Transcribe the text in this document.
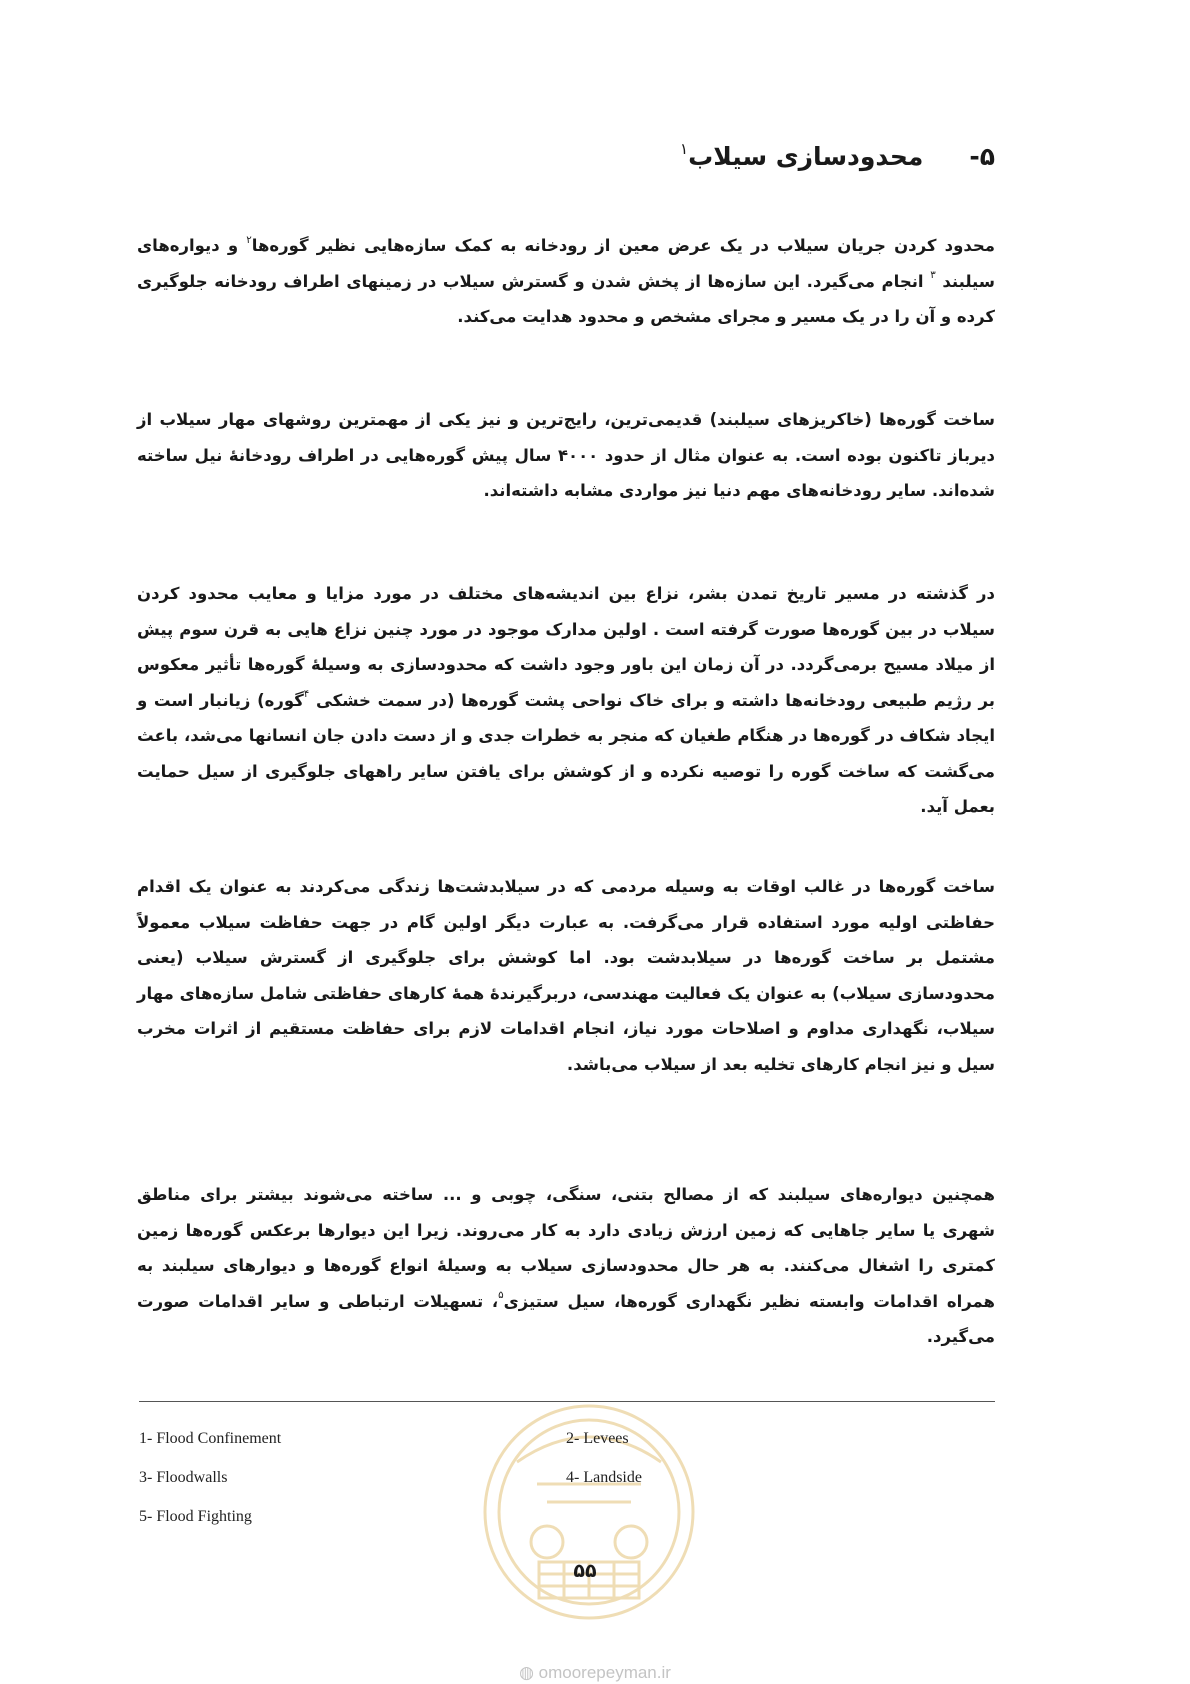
۵-محدودسازی سیلاب$^۱$
محدود کردن جریان سیلاب در یک عرض معین از رودخانه به کمک سازه‌هایی نظیر گوره‌ها$^۲$ و دیواره‌های سیلبند $^۳$ انجام می‌گیرد. این سازه‌ها از پخش شدن و گسترش سیلاب در زمینهای اطراف رودخانه جلوگیری کرده و آن را در یک مسیر و مجرای مشخص و محدود هدایت می‌کند.
ساخت گوره‌ها (خاکریزهای سیلبند) قدیمی‌ترین، رایج‌ترین و نیز یکی از مهمترین روشهای مهار سیلاب از دیرباز تاکنون بوده است. به عنوان مثال از حدود ۴۰۰۰ سال پیش گوره‌هایی در اطراف رودخانهٔ نیل ساخته شده‌اند. سایر رودخانه‌های مهم دنیا نیز مواردی مشابه داشته‌اند.
در گذشته در مسیر تاریخ تمدن بشر، نزاع بین اندیشه‌های مختلف در مورد مزایا و معایب محدود کردن سیلاب در بین گوره‌ها صورت گرفته است . اولین مدارک موجود در مورد چنین نزاع هایی به قرن سوم پیش از میلاد مسیح برمی‌گردد. در آن زمان این باور وجود داشت که محدودسازی به وسیلهٔ گوره‌ها تأثیر معکوس بر رژیم طبیعی رودخانه‌ها داشته و برای خاک نواحی پشت گوره‌ها (در سمت خشکی $^۴$گوره) زیانبار است و ایجاد شکاف در گوره‌ها در هنگام طغیان که منجر به خطرات جدی و از دست دادن جان انسانها می‌شد، باعث می‌گشت که ساخت گوره را توصیه نکرده و از کوشش برای یافتن سایر راههای جلوگیری از سیل حمایت بعمل آید.
ساخت گوره‌ها در غالب اوقات به وسیله مردمی که در سیلابدشت‌ها زندگی می‌کردند به عنوان یک اقدام حفاظتی اولیه مورد استفاده قرار می‌گرفت. به عبارت دیگر اولین گام در جهت حفاظت سیلاب معمولاً مشتمل بر ساخت گوره‌ها در سیلابدشت بود. اما کوشش برای جلوگیری از گسترش سیلاب (یعنی محدودسازی سیلاب) به عنوان یک فعالیت مهندسی، دربرگیرندهٔ همهٔ کارهای حفاظتی شامل سازه‌های مهار سیلاب، نگهداری مداوم و اصلاحات مورد نیاز، انجام اقدامات لازم برای حفاظت مستقیم از اثرات مخرب سیل و نیز انجام کارهای تخلیه بعد از سیلاب می‌باشد.
همچنین دیواره‌های سیلبند که از مصالح بتنی، سنگی، چوبی و ... ساخته می‌شوند بیشتر برای مناطق شهری یا سایر جاهایی که زمین ارزش زیادی دارد به کار می‌روند. زیرا این دیوارها برعکس گوره‌ها زمین کمتری را اشغال می‌کنند. به هر حال محدودسازی سیلاب به وسیلهٔ انواع گوره‌ها و دیوارهای سیلبند به همراه اقدامات وابسته نظیر نگهداری گوره‌ها، سیل ستیزی$^۵$، تسهیلات ارتباطی و سایر اقدامات صورت می‌گیرد.
1- Flood Confinement	2- Levees
3- Floodwalls	4- Landside
5- Flood Fighting
۵۵
◍ omoorepeyman.ir
